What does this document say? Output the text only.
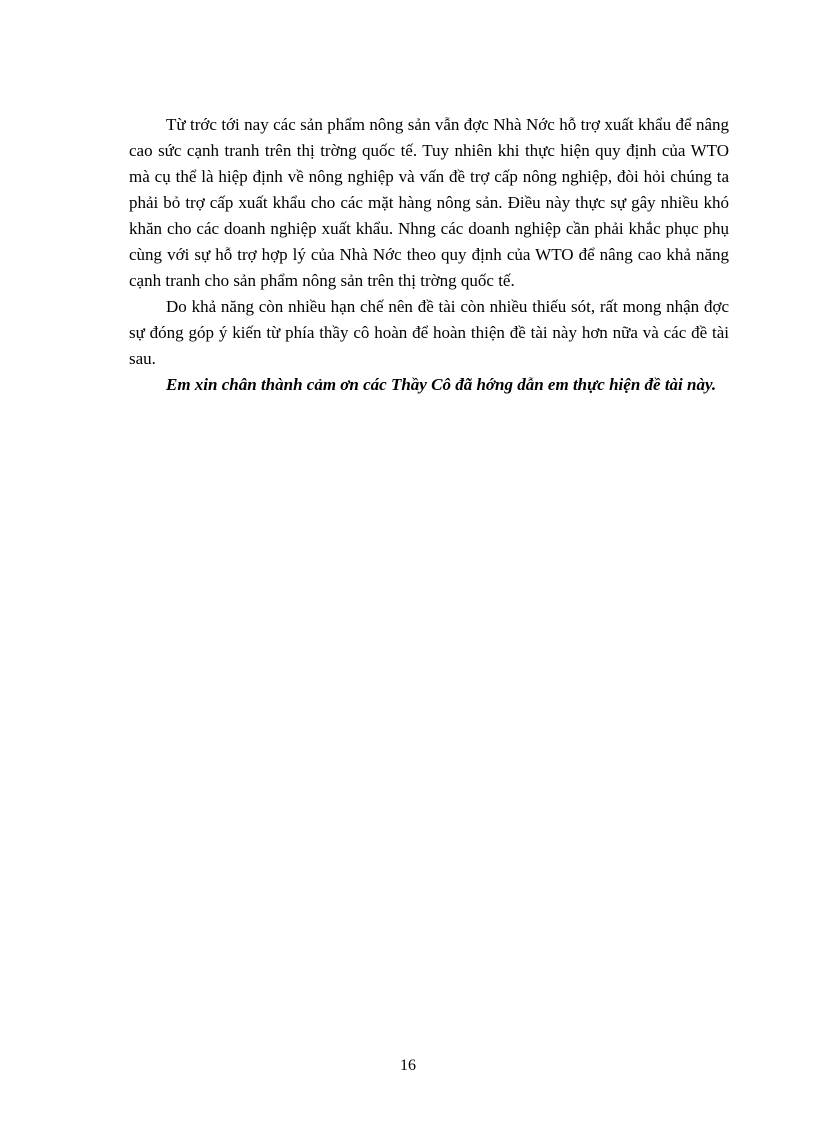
Từ trớc tới nay các sản phẩm nông sản vẫn đợc Nhà Nớc hỗ trợ xuất khẩu để nâng cao sức cạnh tranh trên thị trờng quốc tế. Tuy nhiên khi thực hiện quy định của WTO mà cụ thể là hiệp định về nông nghiệp và vấn đề trợ cấp nông nghiệp, đòi hỏi chúng ta phải bỏ trợ cấp xuất khẩu cho các mặt hàng nông sản. Điều này thực sự gây nhiều khó khăn cho các doanh nghiệp xuất khẩu. Nhng các doanh nghiệp cần phải khắc phục phụ cùng với sự hỗ trợ hợp lý của Nhà Nớc theo quy định của WTO để nâng cao khả năng cạnh tranh cho sản phẩm nông sản trên thị trờng quốc tế.

Do khả năng còn nhiều hạn chế nên đề tài còn nhiều thiếu sót, rất mong nhận đợc sự đóng góp ý kiến từ phía thầy cô hoàn để hoàn thiện đề tài này hơn nữa và các đề tài sau.

Em xin chân thành cảm ơn các Thầy Cô đã hớng dẫn em thực hiện đề tài này.

16
